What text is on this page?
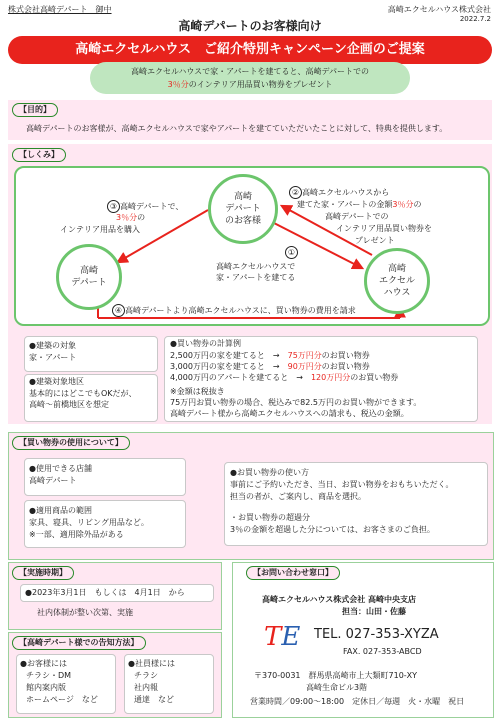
株式会社高崎デパート　御中	高崎エクセルハウス株式会社
2022.7.2
高崎デパートのお客様向け
高崎エクセルハウス　ご紹介特別キャンペーン企画のご提案
高崎エクセルハウスで家・アパートを建てると、高崎デパートでの
3％分のインテリア用品買い物券をプレゼント
【目的】
高崎デパートのお客様が、高崎エクセルハウスで家やアパートを建てていただいたことに対して、特典を提供します。
【しくみ】
高崎
デパート
のお客様
高崎
デパート
高崎
エクセル
ハウス
③ 高崎デパートで、
3％分の
インテリア用品を購入
② 高崎エクセルハウスから
建てた家・アパートの金額3％分の
高崎デパートでの
インテリア用品買い物券を
プレゼント
①
高崎エクセルハウスで
家・アパートを建てる
④ 高崎デパートより高崎エクセルハウスに、買い物券の費用を請求
●建築の対象
家・アパート
●建築対象地区
基本的にはどこでもOKだが、
高崎～前橋地区を想定
●買い物券の計算例
2,500万円の家を建てると　→　75万円分のお買い物券
3,000万円の家を建てると　→　90万円分のお買い物券
4,000万円のアパートを建てると　→　120万円分のお買い物券
※金額は税抜き
75万円お買い物券の場合、税込みで82.5万円のお買い物ができます。
高崎デパート様から高崎エクセルハウスへの請求も、税込の金額。
【買い物券の使用について】
●使用できる店舗
高崎デパート
●適用商品の範囲
家具、寝具、リビング用品など。
※一部、適用除外品がある
●お買い物券の使い方
事前にご予約いただき、当日、お買い物券をおもちいただく。
担当の者が、ご案内し、商品を選択。
・お買い物券の超過分
3％の金額を超過した分については、お客さまのご負担。
【実施時期】
●2023年3月1日　もしくは　4月1日　から
社内体制が整い次第、実施
【高崎デパート様での告知方法】
●お客様には
チラシ・DM
館内案内版
ホームページ　など
●社員様には
チラシ
社内報
通達　など
【お問い合わせ窓口】
高崎エクセルハウス株式会社 高崎中央支店
担当：山田・佐藤
TE TEL. 027-353-XYZA
FAX. 027-353-ABCD
〒370-0031　群馬県高崎市上大類町710-XY
高崎生命ビル3階
営業時間／09:00～18:00　定休日／毎週　火・水曜　祝日
